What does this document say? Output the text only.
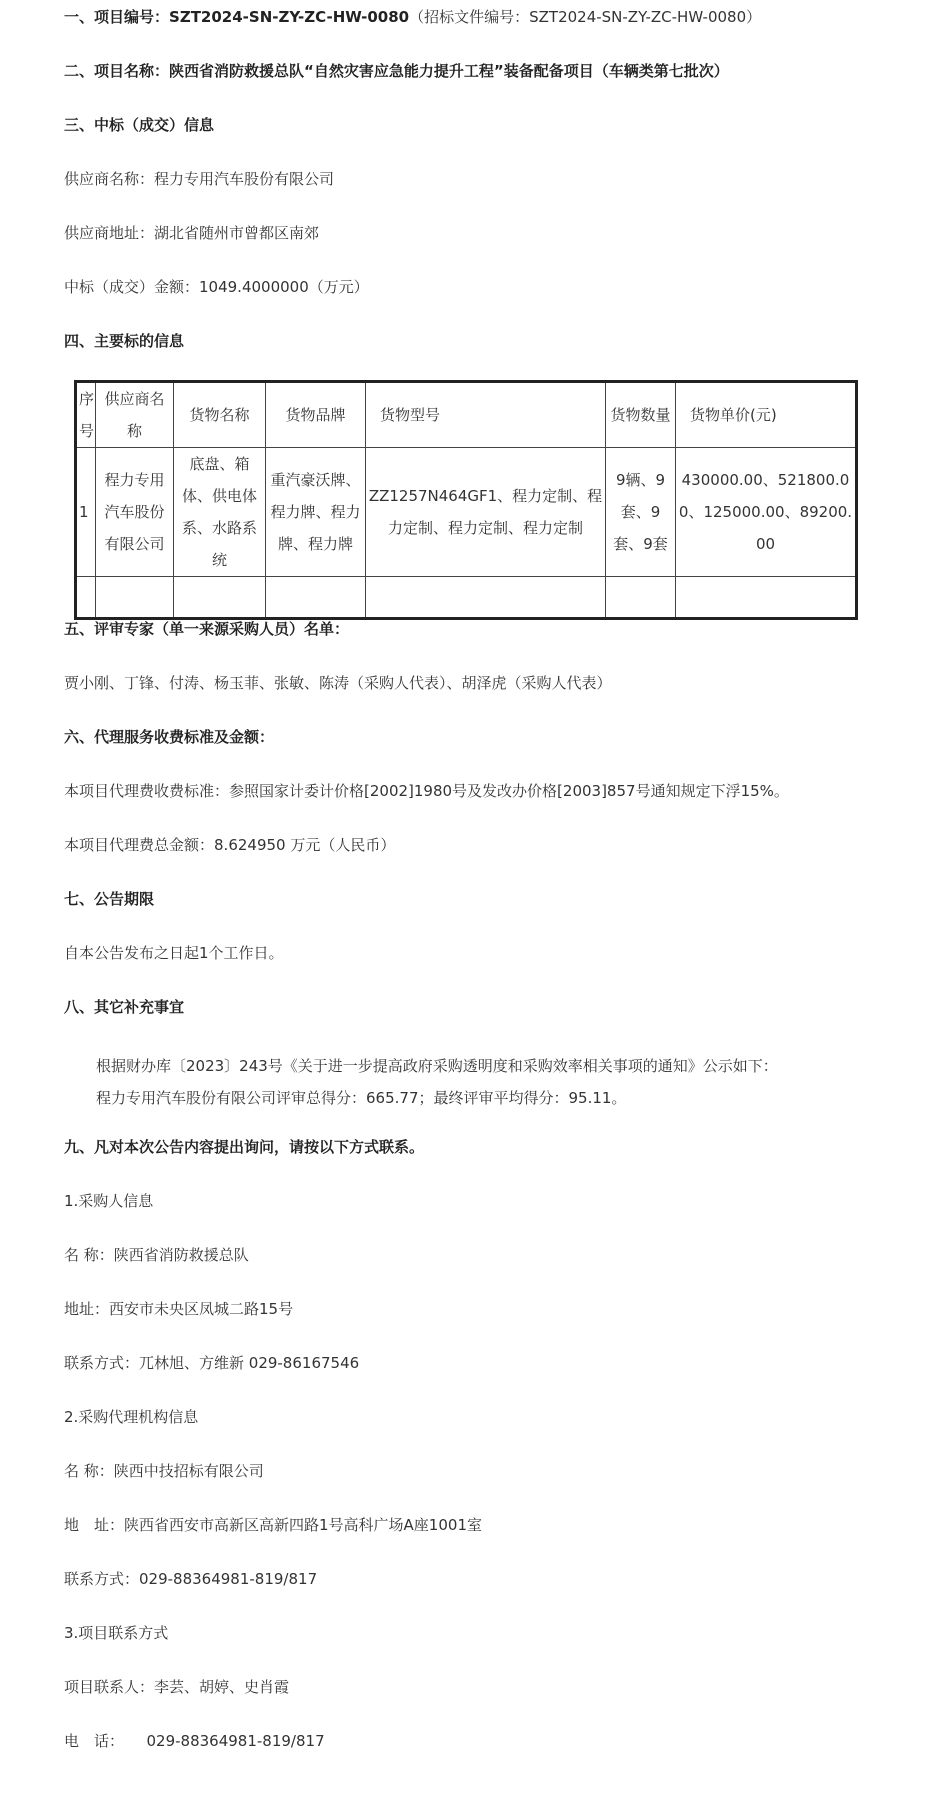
一、项目编号：SZT2024-SN-ZY-ZC-HW-0080（招标文件编号：SZT2024-SN-ZY-ZC-HW-0080）

二、项目名称：陕西省消防救援总队“自然灾害应急能力提升工程”装备配备项目（车辆类第七批次）

三、中标（成交）信息

供应商名称：程力专用汽车股份有限公司

供应商地址：湖北省随州市曾都区南郊

中标（成交）金额：1049.4000000（万元）

四、主要标的信息

序号	供应商名称	货物名称	货物品牌	货物型号	货物数量	货物单价(元)
1	程力专用汽车股份有限公司	底盘、箱体、供电体系、水路系统	重汽豪沃牌、程力牌、程力牌、程力牌	ZZ1257N464GF1、程力定制、程力定制、程力定制、程力定制	9辆、9套、9套、9套	430000.00、521800.00、125000.00、89200.00

五、评审专家（单一来源采购人员）名单：

贾小刚、丁锋、付涛、杨玉菲、张敏、陈涛（采购人代表）、胡泽虎（采购人代表）

六、代理服务收费标准及金额：

本项目代理费收费标准：参照国家计委计价格[2002]1980号及发改办价格[2003]857号通知规定下浮15%。

本项目代理费总金额：8.624950 万元（人民币）

七、公告期限

自本公告发布之日起1个工作日。

八、其它补充事宜

根据财办库〔2023〕243号《关于进一步提高政府采购透明度和采购效率相关事项的通知》公示如下：

程力专用汽车股份有限公司评审总得分：665.77；最终评审平均得分：95.11。

九、凡对本次公告内容提出询问，请按以下方式联系。

1.采购人信息

名 称：陕西省消防救援总队

地址：西安市未央区凤城二路15号

联系方式：兀林旭、方维新 029-86167546

2.采购代理机构信息

名 称：陕西中技招标有限公司

地　址：陕西省西安市高新区高新四路1号高科广场A座1001室

联系方式：029-88364981-819/817

3.项目联系方式

项目联系人：李芸、胡婷、史肖霞

电　话：　　029-88364981-819/817
